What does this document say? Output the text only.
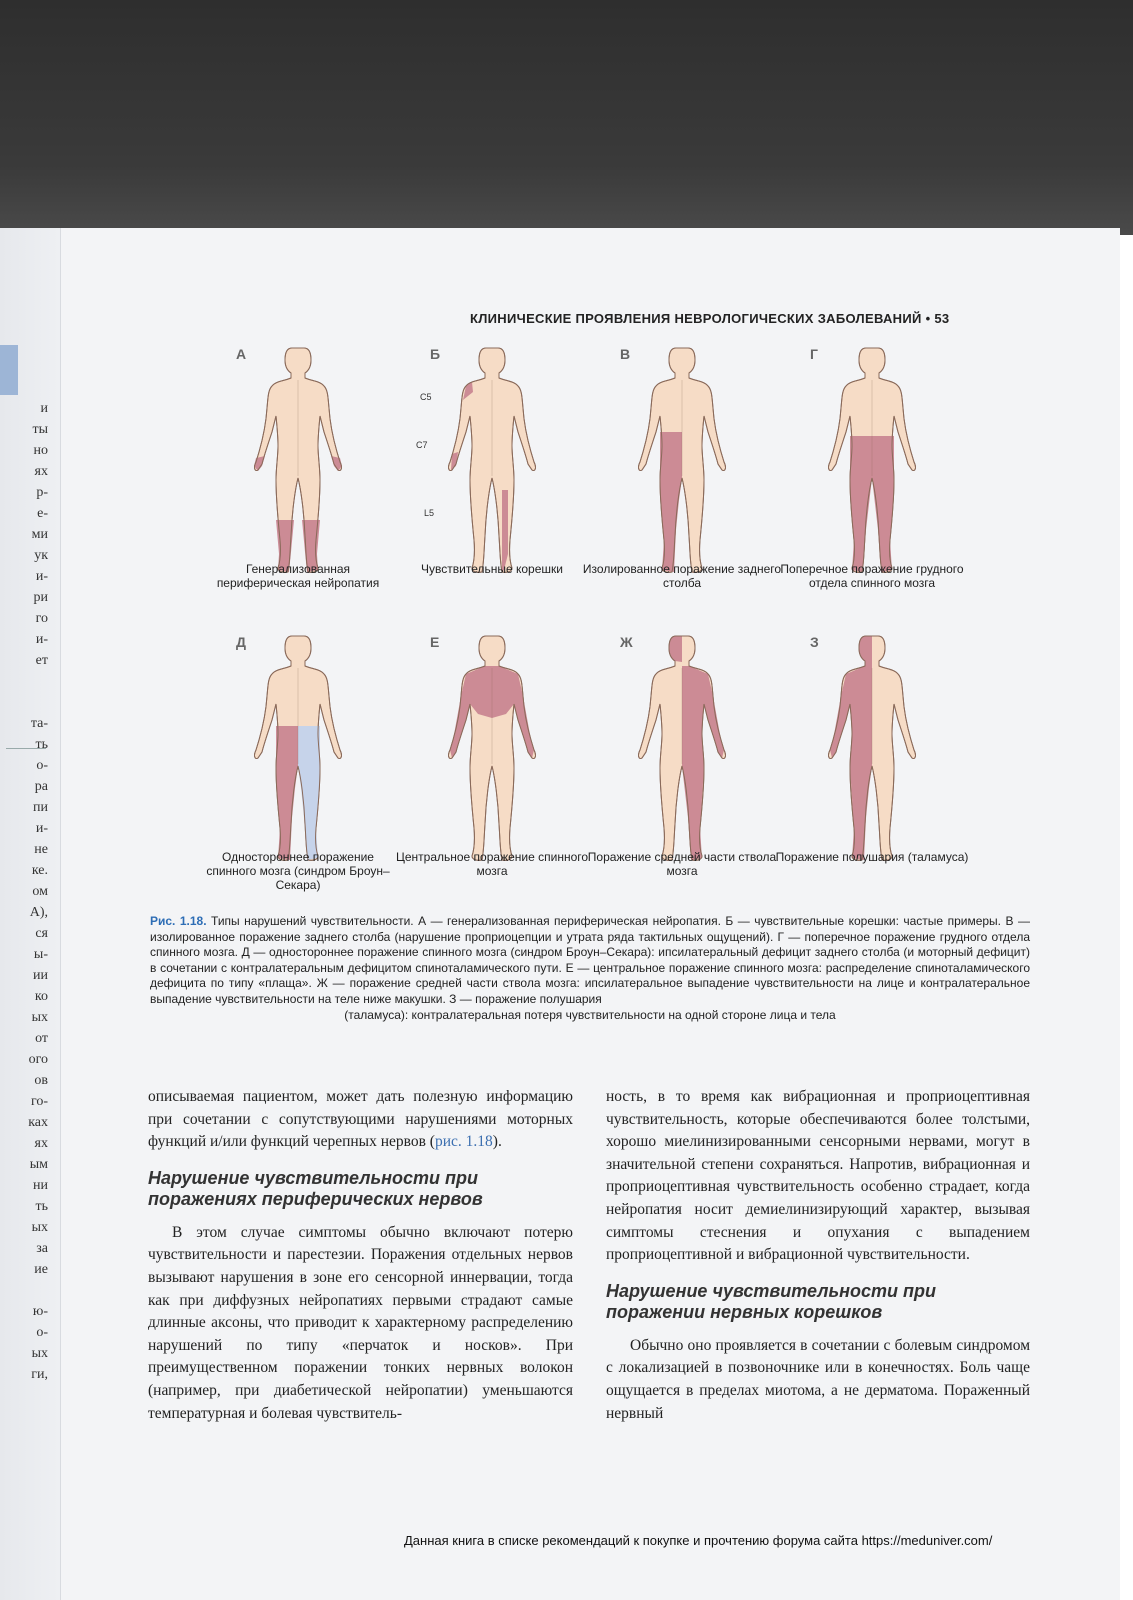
и
ты
но
ях
р-
е-
ми
ук
и-
ри
го
и-
ет

та-
ть
о-
ра
пи
и-
не
ке.
ом
А),
ся
ы-
ии
ко
ых
от
ого
ов
го-
ках
ях
ым
ни
ть
ых
за
ие

ю-
о-
ых
ги,
КЛИНИЧЕСКИЕ ПРОЯВЛЕНИЯ НЕВРОЛОГИЧЕСКИХ ЗАБОЛЕВАНИЙ • 53
А
Генерализованная периферическая нейропатия
Б
C5
C7
L5
Чувствительные корешки
В
Изолированное поражение заднего столба
Г
Поперечное поражение грудного отдела спинного мозга
Д
Одностороннее поражение спинного мозга (синдром Броун–Секара)
Е
Центральное поражение спинного мозга
Ж
Поражение средней части ствола мозга
З
Поражение полушария (таламуса)
Рис. 1.18. Типы нарушений чувствительности. А — генерализованная периферическая нейропатия. Б — чувствительные корешки: частые примеры. В — изолированное поражение заднего столба (нарушение проприоцепции и утрата ряда тактильных ощущений). Г — поперечное поражение грудного отдела спинного мозга. Д — одностороннее поражение спинного мозга (синдром Броун–Секара): ипсилатеральный дефицит заднего столба (и моторный дефицит) в сочетании с контралатеральным дефицитом спиноталамического пути. Е — центральное поражение спинного мозга: распределение спиноталамического дефицита по типу «плаща». Ж — поражение средней части ствола мозга: ипсилатеральное выпадение чувствительности на лице и контралатеральное выпадение чувствительности на теле ниже макушки. З — поражение полушария
(таламуса): контралатеральная потеря чувствительности на одной стороне лица и тела

описываемая пациентом, может дать полезную информацию при сочетании с сопутствующими нарушениями моторных функций и/или функций черепных нервов (рис. 1.18).

Нарушение чувствительности при поражениях периферических нервов

В этом случае симптомы обычно включают потерю чувствительности и парестезии. Поражения отдельных нервов вызывают нарушения в зоне его сенсорной иннервации, тогда как при диффузных нейропатиях первыми страдают самые длинные аксоны, что приводит к характерному распределению нарушений по типу «перчаток и носков». При преимущественном поражении тонких нервных волокон (например, при диабетической нейропатии) уменьшаются температурная и болевая чувствитель-

ность, в то время как вибрационная и проприоцептивная чувствительность, которые обеспечиваются более толстыми, хорошо миелинизированными сенсорными нервами, могут в значительной степени сохраняться. Напротив, вибрационная и проприоцептивная чувствительность особенно страдает, когда нейропатия носит демиелинизирующий характер, вызывая симптомы стеснения и опухания с выпадением проприоцептивной и вибрационной чувствительности.

Нарушение чувствительности при поражении нервных корешков

Обычно оно проявляется в сочетании с болевым синдромом с локализацией в позвоночнике или в конечностях. Боль чаще ощущается в пределах миотома, а не дерматома. Пораженный нервный

Данная книга в списке рекомендаций к покупке и прочтению форума сайта https://meduniver.com/
